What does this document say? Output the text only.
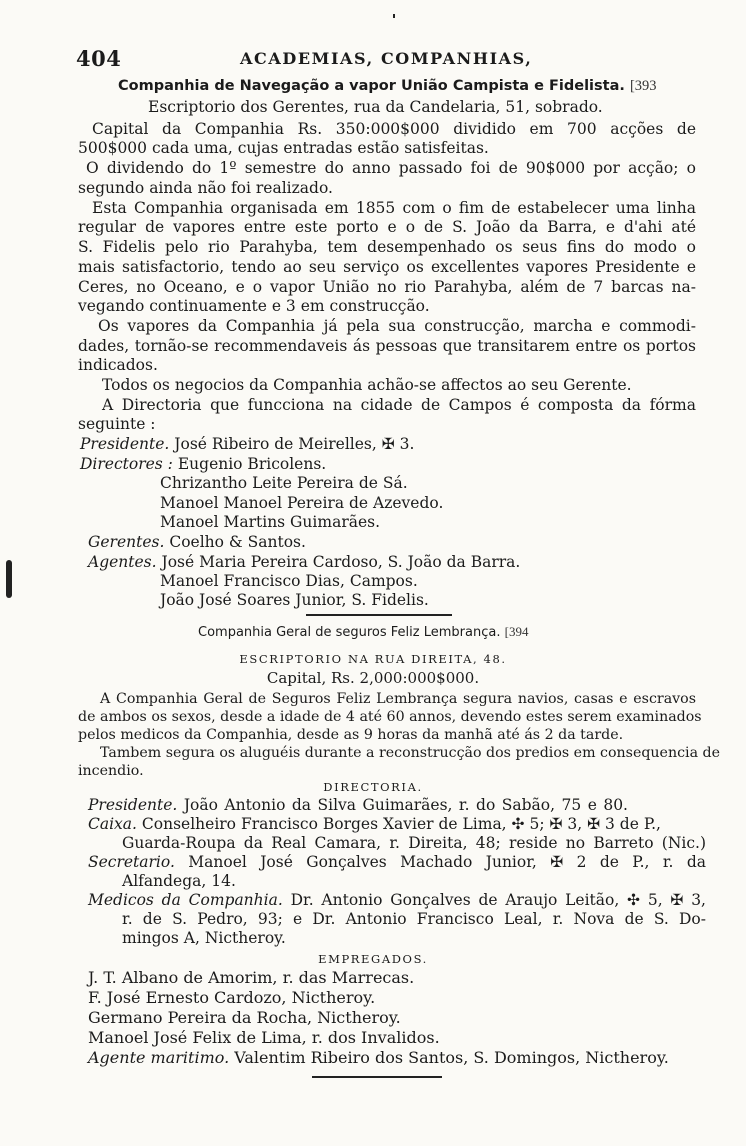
404	ACADEMIAS, COMPANHIAS,
Companhia de Navegação a vapor União Campista e Fidelista. [393
Escriptorio dos Gerentes, rua da Candelaria, 51, sobrado.
Capital da Companhia Rs. 350:000$000 dividido em 700 acções de
500$000 cada uma, cujas entradas estão satisfeitas.
O dividendo do 1º semestre do anno passado foi de 90$000 por acção; o
segundo ainda não foi realizado.
Esta Companhia organisada em 1855 com o fim de estabelecer uma linha
regular de vapores entre este porto e o de S. João da Barra, e d'ahi até
S. Fidelis pelo rio Parahyba, tem desempenhado os seus fins do modo o
mais satisfactorio, tendo ao seu serviço os excellentes vapores Presidente e
Ceres, no Oceano, e o vapor União no rio Parahyba, além de 7 barcas na-
vegando continuamente e 3 em construcção.
Os vapores da Companhia já pela sua construcção, marcha e commodi-
dades, tornão-se recommendaveis ás pessoas que transitarem entre os portos
indicados.
Todos os negocios da Companhia achão-se affectos ao seu Gerente.
A Directoria que funcciona na cidade de Campos é composta da fórma
seguinte :
Presidente. José Ribeiro de Meirelles, ✠ 3.
Directores : Eugenio Bricolens.
Chrizantho Leite Pereira de Sá.
Manoel Manoel Pereira de Azevedo.
Manoel Martins Guimarães.
Gerentes. Coelho & Santos.
Agentes. José Maria Pereira Cardoso, S. João da Barra.
Manoel Francisco Dias, Campos.
João José Soares Junior, S. Fidelis.
Companhia Geral de seguros Feliz Lembrança. [394
ESCRIPTORIO NA RUA DIREITA, 48.
Capital, Rs. 2,000:000$000.
A Companhia Geral de Seguros Feliz Lembrança segura navios, casas e escravos
de ambos os sexos, desde a idade de 4 até 60 annos, devendo estes serem examinados
pelos medicos da Companhia, desde as 9 horas da manhã até ás 2 da tarde.
Tambem segura os aluguéis durante a reconstrucção dos predios em consequencia de
incendio.
DIRECTORIA.
Presidente. João Antonio da Silva Guimarães, r. do Sabão, 75 e 80.
Caixa. Conselheiro Francisco Borges Xavier de Lima, ✣ 5; ✠ 3, ✠ 3 de P.,
Guarda-Roupa da Real Camara, r. Direita, 48; reside no Barreto (Nic.)
Secretario. Manoel José Gonçalves Machado Junior, ✠ 2 de P., r. da
Alfandega, 14.
Medicos da Companhia. Dr. Antonio Gonçalves de Araujo Leitão, ✣ 5, ✠ 3,
r. de S. Pedro, 93; e Dr. Antonio Francisco Leal, r. Nova de S. Do-
mingos A, Nictheroy.
EMPREGADOS.
J. T. Albano de Amorim, r. das Marrecas.
F. José Ernesto Cardozo, Nictheroy.
Germano Pereira da Rocha, Nictheroy.
Manoel José Felix de Lima, r. dos Invalidos.
Agente maritimo. Valentim Ribeiro dos Santos, S. Domingos, Nictheroy.
